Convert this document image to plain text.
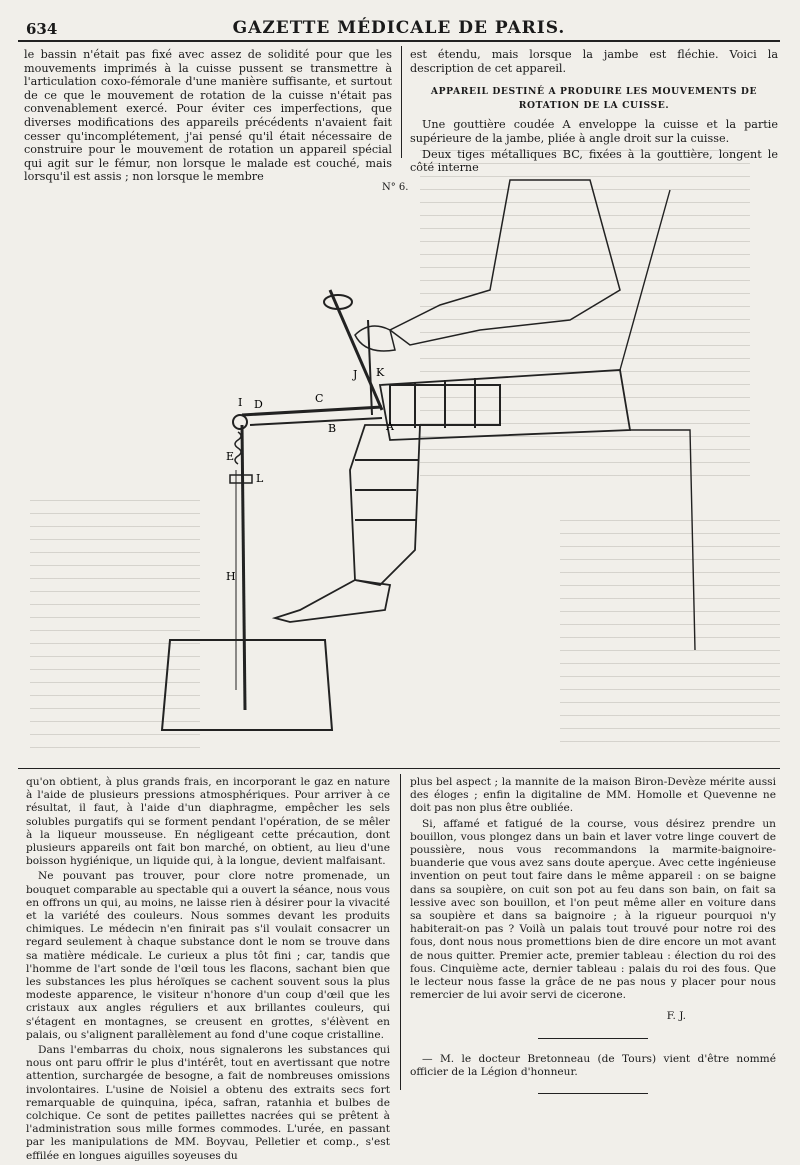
634	GAZETTE MÉDICALE DE PARIS.

le bassin n'était pas fixé avec assez de solidité pour que les mouvements imprimés à la cuisse pussent se transmettre à l'articulation coxo-fémorale d'une manière suffisante, et surtout de ce que le mouvement de rotation de la cuisse n'était pas convenablement exercé. Pour éviter ces imperfections, que diverses modifications des appareils précédents n'avaient fait cesser qu'incomplétement, j'ai pensé qu'il était nécessaire de construire pour le mouvement de rotation un appareil spécial qui agit sur le fémur, non lorsque le malade est couché, mais lorsqu'il est assis ; non lorsque le membre

est étendu, mais lorsque la jambe est fléchie. Voici la description de cet appareil.

APPAREIL DESTINÉ A PRODUIRE LES MOUVEMENTS DE ROTATION DE LA CUISSE.

Une gouttière coudée A enveloppe la cuisse et la partie supérieure de la jambe, pliée à angle droit sur la cuisse.

Deux tiges métalliques BC, fixées à la gouttière, longent le côté interne

N° 6.
I D	C
B	A
E
L
H
J K

qu'on obtient, à plus grands frais, en incorporant le gaz en nature à l'aide de plusieurs pressions atmosphériques. Pour arriver à ce résultat, il faut, à l'aide d'un diaphragme, empêcher les sels solubles purgatifs qui se forment pendant l'opération, de se mêler à la liqueur mousseuse. En négligeant cette précaution, dont plusieurs appareils ont fait bon marché, on obtient, au lieu d'une boisson hygiénique, un liquide qui, à la longue, devient malfaisant.

Ne pouvant pas trouver, pour clore notre promenade, un bouquet comparable au spectable qui a ouvert la séance, nous vous en offrons un qui, au moins, ne laisse rien à désirer pour la vivacité et la variété des couleurs. Nous sommes devant les produits chimiques. Le médecin n'en finirait pas s'il voulait consacrer un regard seulement à chaque substance dont le nom se trouve dans sa matière médicale. Le curieux a plus tôt fini ; car, tandis que l'homme de l'art sonde de l'œil tous les flacons, sachant bien que les substances les plus héroïques se cachent souvent sous la plus modeste apparence, le visiteur n'honore d'un coup d'œil que les cristaux aux angles réguliers et aux brillantes couleurs, qui s'étagent en montagnes, se creusent en grottes, s'élèvent en palais, ou s'alignent parallèlement au fond d'une coque cristalline.

Dans l'embarras du choix, nous signalerons les substances qui nous ont paru offrir le plus d'intérêt, tout en avertissant que notre attention, surchargée de besogne, a fait de nombreuses omissions involontaires. L'usine de Noisiel a obtenu des extraits secs fort remarquable de quinquina, ipéca, safran, ratanhia et bulbes de colchique. Ce sont de petites paillettes nacrées qui se prêtent à l'administration sous mille formes commodes. L'urée, en passant par les manipulations de MM. Boyvau, Pelletier et comp., s'est effilée en longues aiguilles soyeuses du

plus bel aspect ; la mannite de la maison Biron-Devèze mérite aussi des éloges ; enfin la digitaline de MM. Homolle et Quevenne ne doit pas non plus être oubliée.

Si, affamé et fatigué de la course, vous désirez prendre un bouillon, vous plongez dans un bain et laver votre linge couvert de poussière, nous vous recommandons la marmite-baignoire-buanderie que vous avez sans doute aperçue. Avec cette ingénieuse invention on peut tout faire dans le même appareil : on se baigne dans sa soupière, on cuit son pot au feu dans son bain, on fait sa lessive avec son bouillon, et l'on peut même aller en voiture dans sa soupière et dans sa baignoire ; à la rigueur pourquoi n'y habiterait-on pas ? Voilà un palais tout trouvé pour notre roi des fous, dont nous nous promettions bien de dire encore un mot avant de nous quitter. Premier acte, premier tableau : élection du roi des fous. Cinquième acte, dernier tableau : palais du roi des fous. Que le lecteur nous fasse la grâce de ne pas nous y placer pour nous remercier de lui avoir servi de cicerone.

F. J.

— M. le docteur Bretonneau (de Tours) vient d'être nommé officier de la Légion d'honneur.
